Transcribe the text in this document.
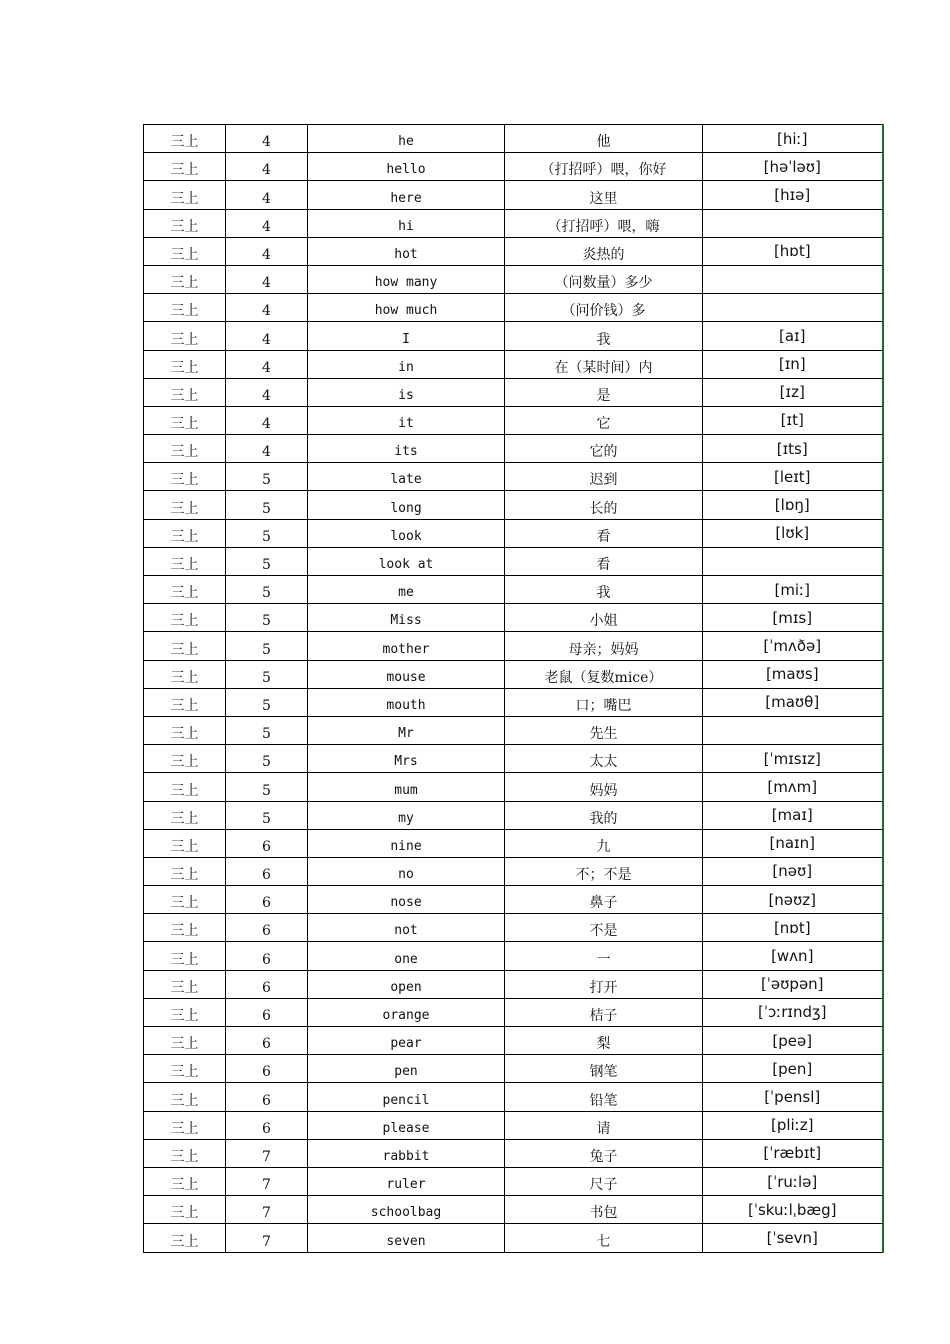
三上	4	he	他	[hiː]
三上	4	hello	（打招呼）喂，你好	[həˈləʊ]
三上	4	here	这里	[hɪə]
三上	4	hi	（打招呼）喂，嗨	
三上	4	hot	炎热的	[hɒt]
三上	4	how many	（问数量）多少	
三上	4	how much	（问价钱）多	
三上	4	I	我	[aɪ]
三上	4	in	在（某时间）内	[ɪn]
三上	4	is	是	[ɪz]
三上	4	it	它	[ɪt]
三上	4	its	它的	[ɪts]
三上	5	late	迟到	[leɪt]
三上	5	long	长的	[lɒŋ]
三上	5	look	看	[lʊk]
三上	5	look at	看	
三上	5	me	我	[miː]
三上	5	Miss	小姐	[mɪs]
三上	5	mother	母亲；妈妈	[ˈmʌðə]
三上	5	mouse	老鼠（复数mice）	[maʊs]
三上	5	mouth	口；嘴巴	[maʊθ]
三上	5	Mr	先生	
三上	5	Mrs	太太	[ˈmɪsɪz]
三上	5	mum	妈妈	[mʌm]
三上	5	my	我的	[maɪ]
三上	6	nine	九	[naɪn]
三上	6	no	不；不是	[nəʊ]
三上	6	nose	鼻子	[nəʊz]
三上	6	not	不是	[nɒt]
三上	6	one	一	[wʌn]
三上	6	open	打开	[ˈəʊpən]
三上	6	orange	桔子	[ˈɔːrɪndʒ]
三上	6	pear	梨	[peə]
三上	6	pen	钢笔	[pen]
三上	6	pencil	铅笔	[ˈpensl]
三上	6	please	请	[pliːz]
三上	7	rabbit	兔子	[ˈræbɪt]
三上	7	ruler	尺子	[ˈruːlə]
三上	7	schoolbag	书包	[ˈskuːlˌbæg]
三上	7	seven	七	[ˈsevn]
